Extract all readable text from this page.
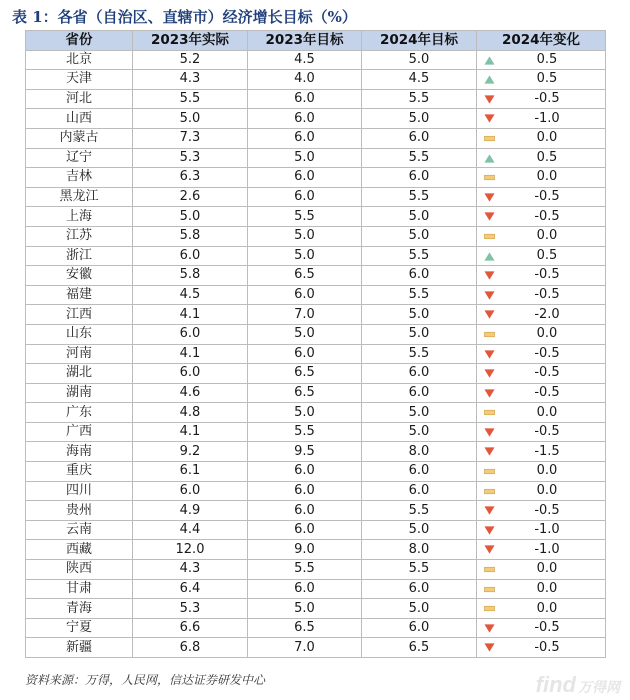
表 1：各省（自治区、直辖市）经济增长目标（%）
省份	2023年实际	2023年目标	2024年目标	2024年变化
北京	5.2	4.5	5.0	0.5
天津	4.3	4.0	4.5	0.5
河北	5.5	6.0	5.5	-0.5
山西	5.0	6.0	5.0	-1.0
内蒙古	7.3	6.0	6.0	0.0
辽宁	5.3	5.0	5.5	0.5
吉林	6.3	6.0	6.0	0.0
黑龙江	2.6	6.0	5.5	-0.5
上海	5.0	5.5	5.0	-0.5
江苏	5.8	5.0	5.0	0.0
浙江	6.0	5.0	5.5	0.5
安徽	5.8	6.5	6.0	-0.5
福建	4.5	6.0	5.5	-0.5
江西	4.1	7.0	5.0	-2.0
山东	6.0	5.0	5.0	0.0
河南	4.1	6.0	5.5	-0.5
湖北	6.0	6.5	6.0	-0.5
湖南	4.6	6.5	6.0	-0.5
广东	4.8	5.0	5.0	0.0
广西	4.1	5.5	5.0	-0.5
海南	9.2	9.5	8.0	-1.5
重庆	6.1	6.0	6.0	0.0
四川	6.0	6.0	6.0	0.0
贵州	4.9	6.0	5.5	-0.5
云南	4.4	6.0	5.0	-1.0
西藏	12.0	9.0	8.0	-1.0
陕西	4.3	5.5	5.5	0.0
甘肃	6.4	6.0	6.0	0.0
青海	5.3	5.0	5.0	0.0
宁夏	6.6	6.5	6.0	-0.5
新疆	6.8	7.0	6.5	-0.5
资料来源：万得，人民网，信达证券研发中心	find 万得网
